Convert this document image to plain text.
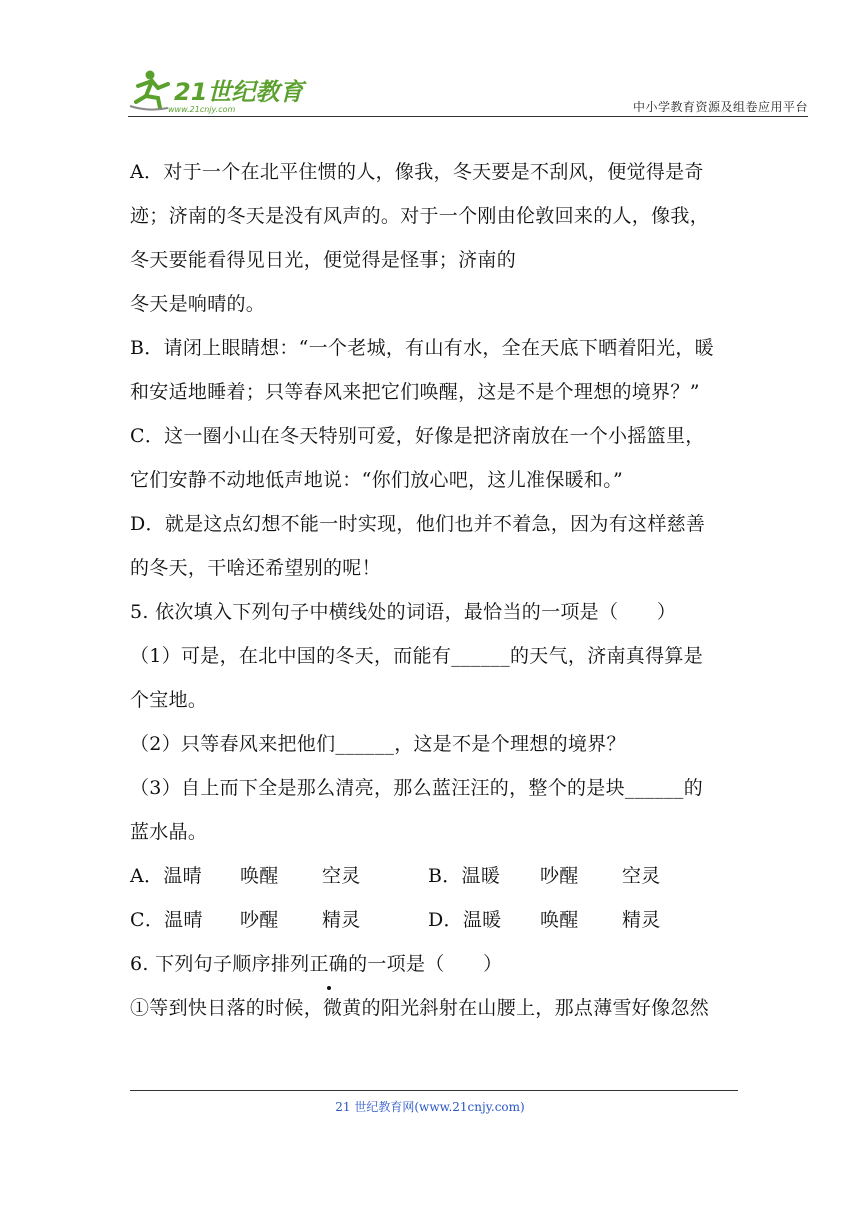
21世纪教育
www.21cnjy.com	中小学教育资源及组卷应用平台
A．对于一个在北平住惯的人，像我，冬天要是不刮风，便觉得是奇
迹；济南的冬天是没有风声的。对于一个刚由伦敦回来的人，像我，
冬天要能看得见日光，便觉得是怪事；济南的
冬天是响晴的。
B．请闭上眼睛想：“一个老城，有山有水，全在天底下晒着阳光，暖
和安适地睡着；只等春风来把它们唤醒，这是不是个理想的境界？”
C．这一圈小山在冬天特别可爱，好像是把济南放在一个小摇篮里，
它们安静不动地低声地说：“你们放心吧，这儿准保暖和。”
D．就是这点幻想不能一时实现，他们也并不着急，因为有这样慈善
的冬天，干啥还希望别的呢！
5. 依次填入下列句子中横线处的词语，最恰当的一项是（　　）
（1）可是，在北中国的冬天，而能有______的天气，济南真得算是
个宝地。
（2）只等春风来把他们______，这是不是个理想的境界？
（3）自上而下全是那么清亮，那么蓝汪汪的，整个的是块______的
蓝水晶。
A．温晴	唤醒	空灵	B．温暖	吵醒	空灵
C．温晴	吵醒	精灵	D．温暖	唤醒	精灵
6. 下列句子顺序排列正确的一项是（　　）
①等到快日落的时候，微黄的阳光斜射在山腰上，那点薄雪好像忽然
21 世纪教育网(www.21cnjy.com)
